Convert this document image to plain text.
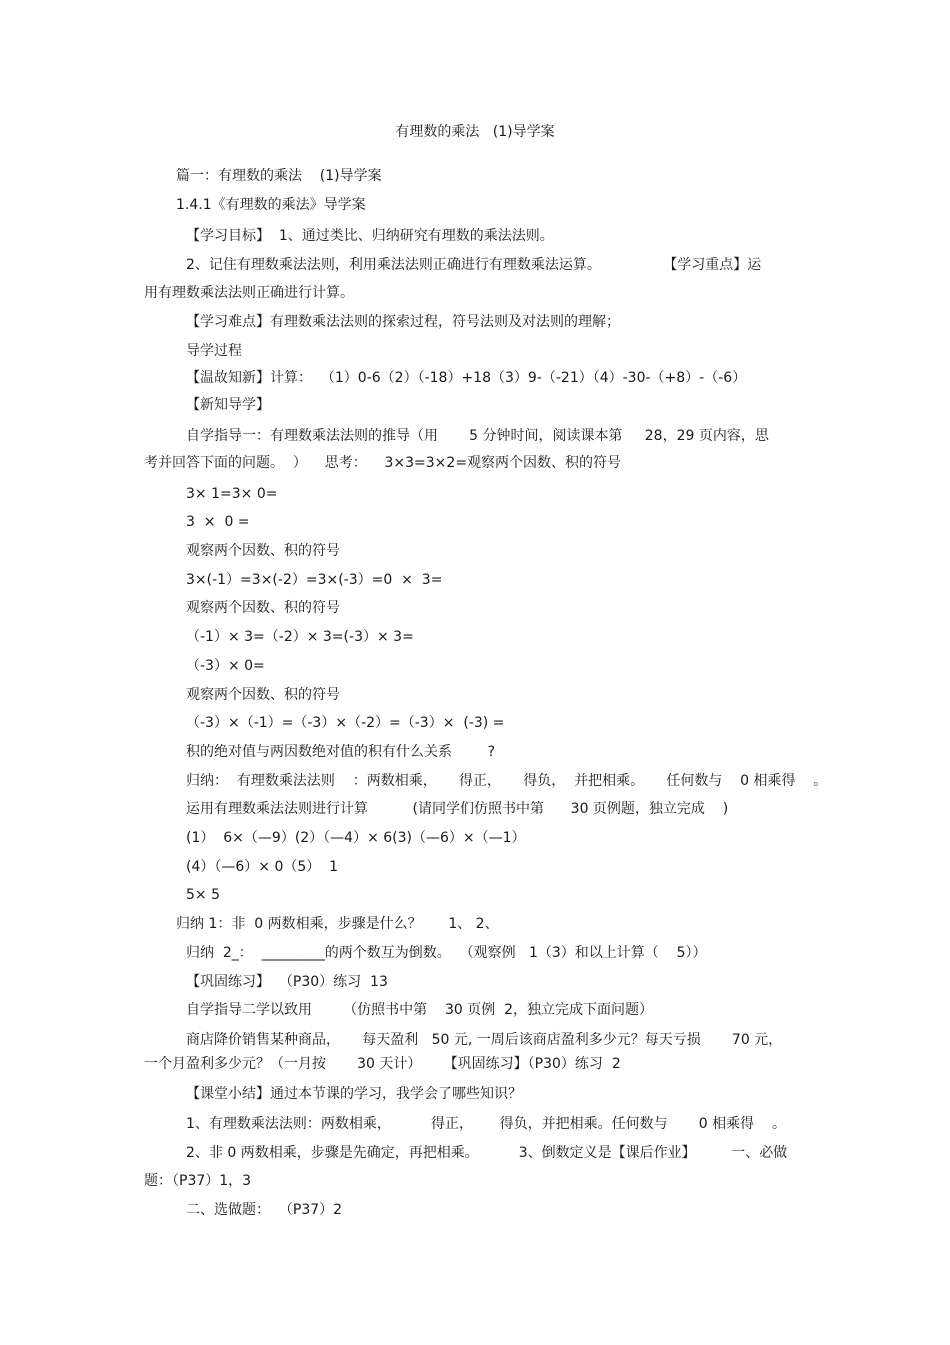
有理数的乘法   (1)导学案
篇一：有理数的乘法    (1)导学案
1.4.1《有理数的乘法》导学案
【学习目标】  1、通过类比、归纳研究有理数的乘法法则。
2、记住有理数乘法法则，利用乘法法则正确进行有理数乘法运算。              【学习重点】运
用有理数乘法法则正确进行计算。
【学习难点】有理数乘法法则的探索过程，符号法则及对法则的理解；
导学过程
【温故知新】计算：  （1）0-6（2）（-18）+18（3）9-（-21）（4）-30-（+8）-（-6）
【新知导学】
自学指导一：有理数乘法法则的推导（用       5 分钟时间，阅读课本第     28，29 页内容，思
考并回答下面的问题。  ）    思考：    3×3=3×2=观察两个因数、积的符号
3× 1=3× 0=
3  ×  0 =
观察两个因数、积的符号
3×(-1）=3×(-2）=3×(-3）=0  ×  3=
观察两个因数、积的符号
（-1）× 3=（-2）× 3=(-3）× 3=
（-3）× 0=
观察两个因数、积的符号
（-3）×（-1）=（-3）×（-2）=（-3）×  (-3) =
积的绝对值与两因数绝对值的积有什么关系        ?
归纳：  有理数乘法法则    ：两数相乘，     得正，     得负，  并把相乘。     任何数与    0 相乘得    。
运用有理数乘法法则进行计算          (请同学们仿照书中第      30 页例题，独立完成    )
(1）  6×（—9）(2）（—4）× 6(3)（—6）×（—1）
(4）（—6）× 0（5）  1
5× 5
归纳 1：非  0 两数相乘，步骤是什么？      1、 2、
归纳  2_：  _________的两个数互为倒数。  （观察例   1（3）和以上计算（    5））
【巩固练习】  （P30）练习  13
自学指导二学以致用       （仿照书中第    30 页例  2，独立完成下面问题）
商店降价销售某种商品，     每天盈利   50 元, 一周后该商店盈利多少元？每天亏损       70 元，
一个月盈利多少元？（一月按       30 天计）     【巩固练习】（P30）练习  2
【课堂小结】通过本节课的学习，我学会了哪些知识？
1、有理数乘法法则：两数相乘，         得正，      得负，并把相乘。任何数与       0 相乘得    。
2、非 0 两数相乘，步骤是先确定，再把相乘。         3、倒数定义是【课后作业】        一、必做
题：（P37）1，3
二、选做题：  （P37）2
